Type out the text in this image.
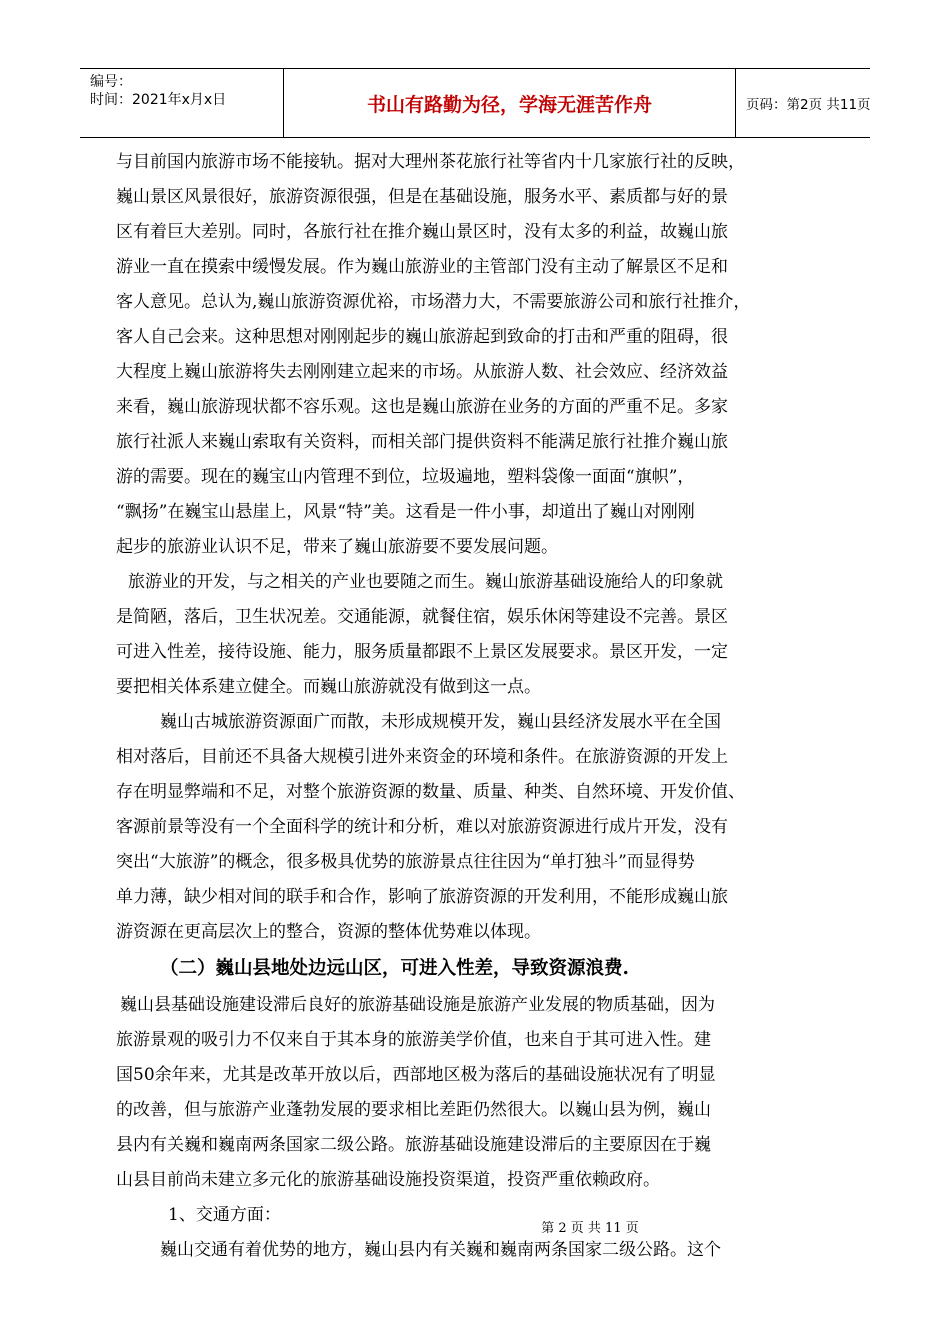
编号：
时间：2021年x月x日	书山有路勤为径，学海无涯苦作舟	页码：第2页 共11页
与目前国内旅游市场不能接轨。据对大理州茶花旅行社等省内十几家旅行社的反映，
巍山景区风景很好，旅游资源很强，但是在基础设施，服务水平、素质都与好的景
区有着巨大差别。同时，各旅行社在推介巍山景区时，没有太多的利益，故巍山旅
游业一直在摸索中缓慢发展。作为巍山旅游业的主管部门没有主动了解景区不足和
客人意见。总认为,巍山旅游资源优裕，市场潜力大，不需要旅游公司和旅行社推介，
客人自己会来。这种思想对刚刚起步的巍山旅游起到致命的打击和严重的阻碍，很
大程度上巍山旅游将失去刚刚建立起来的市场。从旅游人数、社会效应、经济效益
来看，巍山旅游现状都不容乐观。这也是巍山旅游在业务的方面的严重不足。多家
旅行社派人来巍山索取有关资料，而相关部门提供资料不能满足旅行社推介巍山旅
游的需要。现在的巍宝山内管理不到位，垃圾遍地，塑料袋像一面面“旗帜”，
“飘扬”在巍宝山悬崖上，风景“特”美。这看是一件小事，却道出了巍山对刚刚
起步的旅游业认识不足，带来了巍山旅游要不要发展问题。
旅游业的开发，与之相关的产业也要随之而生。巍山旅游基础设施给人的印象就
是简陋，落后，卫生状况差。交通能源，就餐住宿，娱乐休闲等建设不完善。景区
可进入性差，接待设施、能力，服务质量都跟不上景区发展要求。景区开发，一定
要把相关体系建立健全。而巍山旅游就没有做到这一点。
巍山古城旅游资源面广而散，未形成规模开发，巍山县经济发展水平在全国
相对落后，目前还不具备大规模引进外来资金的环境和条件。在旅游资源的开发上
存在明显弊端和不足，对整个旅游资源的数量、质量、种类、自然环境、开发价值、
客源前景等没有一个全面科学的统计和分析，难以对旅游资源进行成片开发，没有
突出“大旅游”的概念，很多极具优势的旅游景点往往因为“单打独斗”而显得势
单力薄，缺少相对间的联手和合作，影响了旅游资源的开发利用，不能形成巍山旅
游资源在更高层次上的整合，资源的整体优势难以体现。
（二）巍山县地处边远山区，可进入性差，导致资源浪费.
巍山县基础设施建设滞后良好的旅游基础设施是旅游产业发展的物质基础，因为
旅游景观的吸引力不仅来自于其本身的旅游美学价值，也来自于其可进入性。建
国50余年来，尤其是改革开放以后，西部地区极为落后的基础设施状况有了明显
的改善，但与旅游产业蓬勃发展的要求相比差距仍然很大。以巍山县为例，巍山
县内有关巍和巍南两条国家二级公路。旅游基础设施建设滞后的主要原因在于巍
山县目前尚未建立多元化的旅游基础设施投资渠道，投资严重依赖政府。
1、交通方面：
巍山交通有着优势的地方，巍山县内有关巍和巍南两条国家二级公路。这个
第 2 页 共 11 页
